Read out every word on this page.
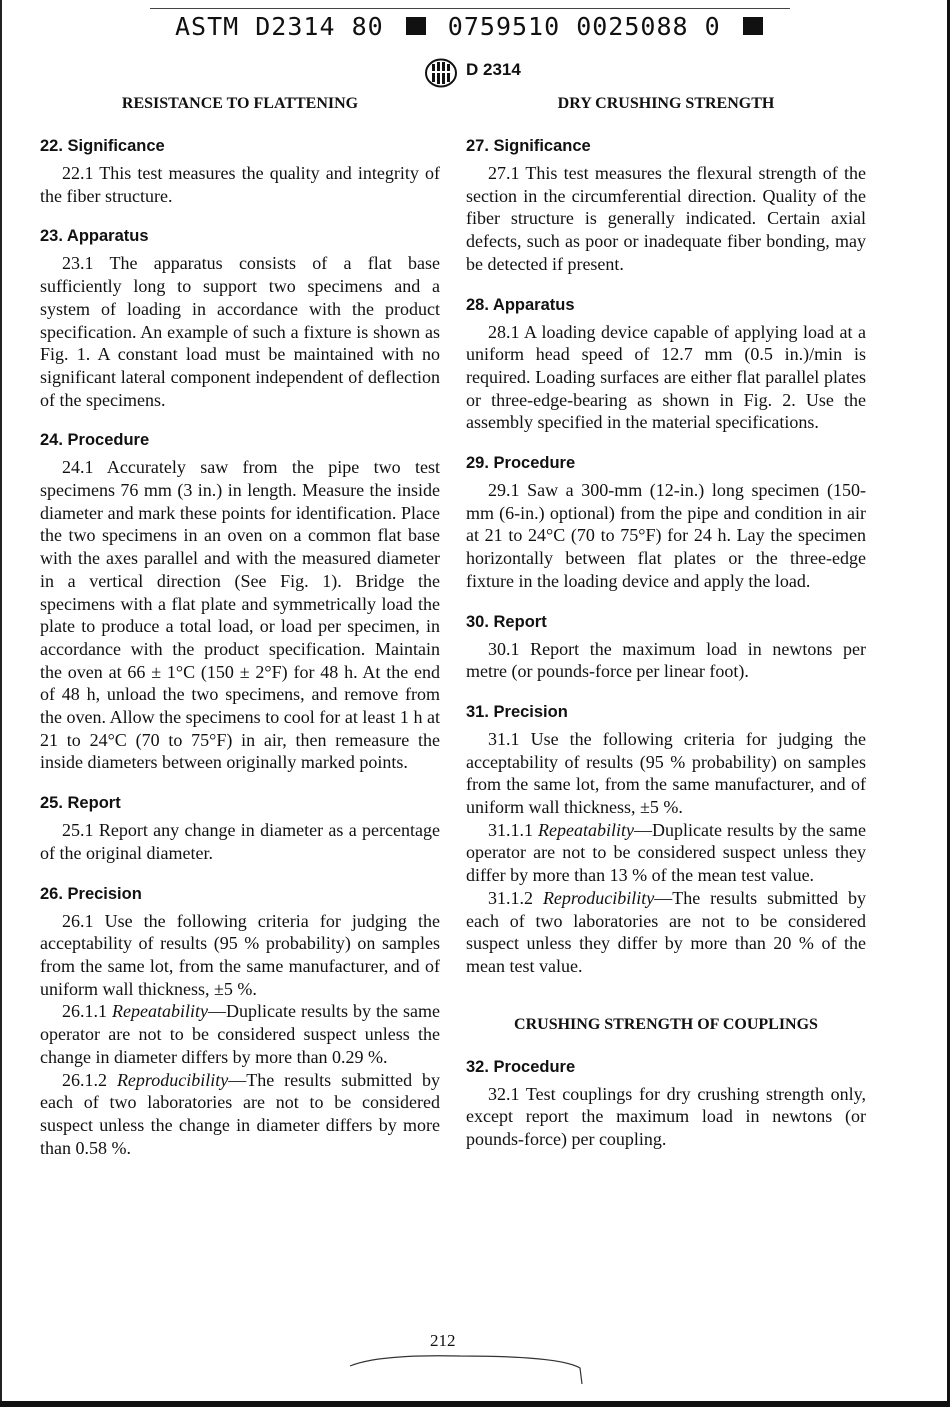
ASTM D2314 80	0759510 0025088 0
D 2314
RESISTANCE TO FLATTENING
22. Significance

22.1 This test measures the quality and integrity of the fiber structure.

23. Apparatus

23.1 The apparatus consists of a flat base sufficiently long to support two specimens and a system of loading in accordance with the product specification. An example of such a fixture is shown as Fig. 1. A constant load must be maintained with no significant lateral component independent of deflection of the specimens.

24. Procedure

24.1 Accurately saw from the pipe two test specimens 76 mm (3 in.) in length. Measure the inside diameter and mark these points for identification. Place the two specimens in an oven on a common flat base with the axes parallel and with the measured diameter in a vertical direction (See Fig. 1). Bridge the specimens with a flat plate and symmetrically load the plate to produce a total load, or load per specimen, in accordance with the product specification. Maintain the oven at 66 ± 1°C (150 ± 2°F) for 48 h. At the end of 48 h, unload the two specimens, and remove from the oven. Allow the specimens to cool for at least 1 h at 21 to 24°C (70 to 75°F) in air, then remeasure the inside diameters between originally marked points.

25. Report

25.1 Report any change in diameter as a percentage of the original diameter.

26. Precision

26.1 Use the following criteria for judging the acceptability of results (95 % probability) on samples from the same lot, from the same manufacturer, and of uniform wall thickness, ±5 %.

26.1.1 Repeatability—Duplicate results by the same operator are not to be considered suspect unless the change in diameter differs by more than 0.29 %.

26.1.2 Reproducibility—The results submitted by each of two laboratories are not to be considered suspect unless the change in diameter differs by more than 0.58 %.

DRY CRUSHING STRENGTH
27. Significance

27.1 This test measures the flexural strength of the section in the circumferential direction. Quality of the fiber structure is generally indicated. Certain axial defects, such as poor or inadequate fiber bonding, may be detected if present.

28. Apparatus

28.1 A loading device capable of applying load at a uniform head speed of 12.7 mm (0.5 in.)/min is required. Loading surfaces are either flat parallel plates or three-edge-bearing as shown in Fig. 2. Use the assembly specified in the material specifications.

29. Procedure

29.1 Saw a 300-mm (12-in.) long specimen (150-mm (6-in.) optional) from the pipe and condition in air at 21 to 24°C (70 to 75°F) for 24 h. Lay the specimen horizontally between flat plates or the three-edge fixture in the loading device and apply the load.

30. Report

30.1 Report the maximum load in newtons per metre (or pounds-force per linear foot).

31. Precision

31.1 Use the following criteria for judging the acceptability of results (95 % probability) on samples from the same lot, from the same manufacturer, and of uniform wall thickness, ±5 %.

31.1.1 Repeatability—Duplicate results by the same operator are not to be considered suspect unless they differ by more than 13 % of the mean test value.

31.1.2 Reproducibility—The results submitted by each of two laboratories are not to be considered suspect unless they differ by more than 20 % of the mean test value.

CRUSHING STRENGTH OF COUPLINGS
32. Procedure

32.1 Test couplings for dry crushing strength only, except report the maximum load in newtons (or pounds-force) per coupling.

212
